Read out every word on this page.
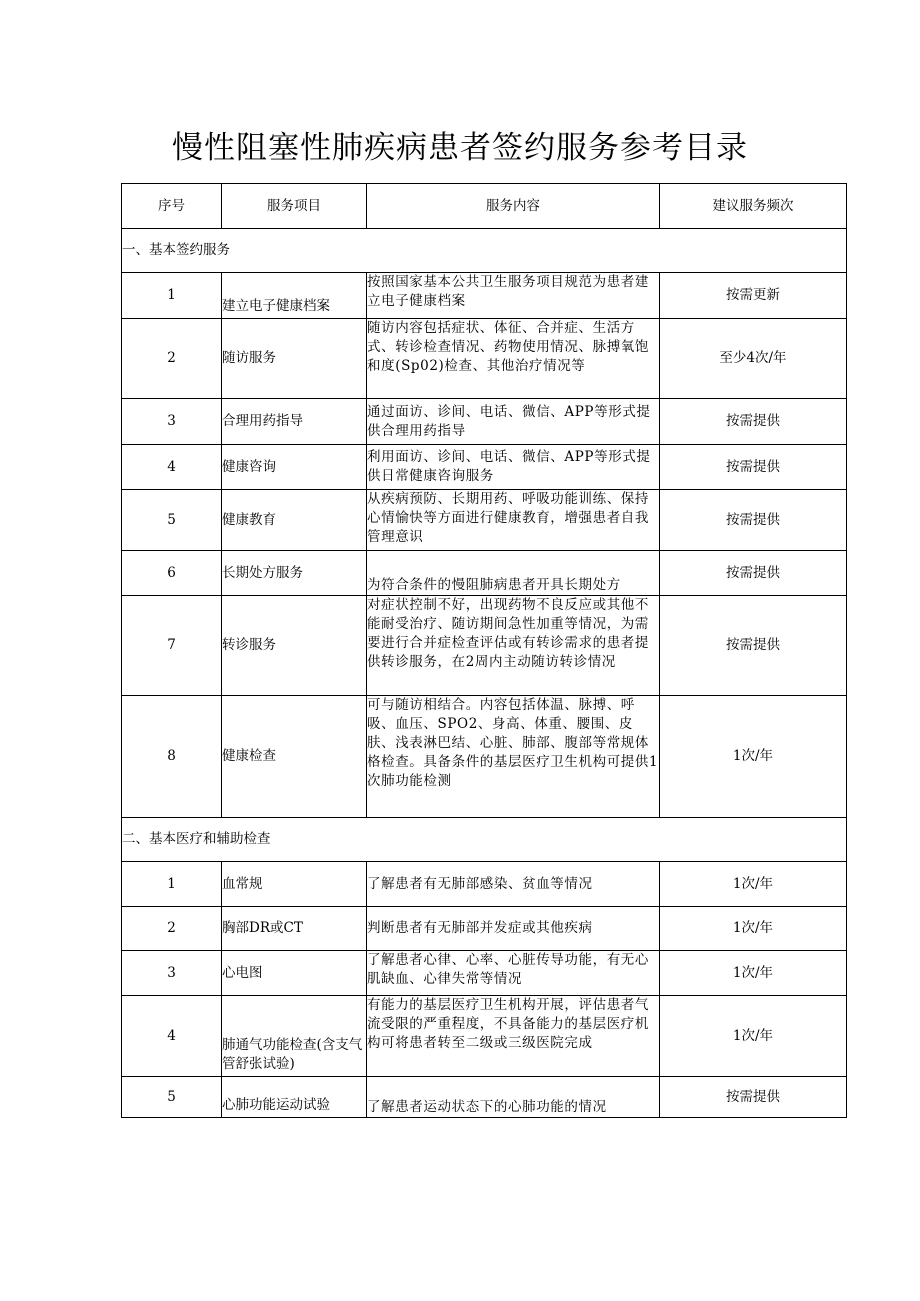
慢性阻塞性肺疾病患者签约服务参考目录
序号	服务项目	服务内容	建议服务频次
一、基本签约服务			
1	建立电子健康档案	按照国家基本公共卫生服务项目规范为患者建立电子健康档案	按需更新
2	随访服务	随访内容包括症状、体征、合并症、生活方式、转诊检查情况、药物使用情况、脉搏氧饱和度(Sp02)检查、其他治疗情况等	至少4次/年
3	合理用药指导	通过面访、诊间、电话、微信、APP等形式提供合理用药指导	按需提供
4	健康咨询	利用面访、诊间、电话、微信、APP等形式提供日常健康咨询服务	按需提供
5	健康教育	从疾病预防、长期用药、呼吸功能训练、保持心情愉快等方面进行健康教育，增强患者自我管理意识	按需提供
6	长期处方服务	为符合条件的慢阻肺病患者开具长期处方	按需提供
7	转诊服务	对症状控制不好，出现药物不良反应或其他不能耐受治疗、随访期间急性加重等情况，为需要进行合并症检查评估或有转诊需求的患者提供转诊服务，在2周内主动随访转诊情况	按需提供
8	健康检查	可与随访相结合。内容包括体温、脉搏、呼吸、血压、SPO2、身高、体重、腰围、皮肤、浅表淋巴结、心脏、肺部、腹部等常规体格检查。具备条件的基层医疗卫生机构可提供1次肺功能检测	1次/年
二、基本医疗和辅助检查			
1	血常规	了解患者有无肺部感染、贫血等情况	1次/年
2	胸部DR或CT	判断患者有无肺部并发症或其他疾病	1次/年
3	心电图	了解患者心律、心率、心脏传导功能，有无心肌缺血、心律失常等情况	1次/年
4	肺通气功能检查(含支气管舒张试验)	有能力的基层医疗卫生机构开展，评估患者气流受限的严重程度，不具备能力的基层医疗机构可将患者转至二级或三级医院完成	1次/年
5	心肺功能运动试验	了解患者运动状态下的心肺功能的情况	按需提供
